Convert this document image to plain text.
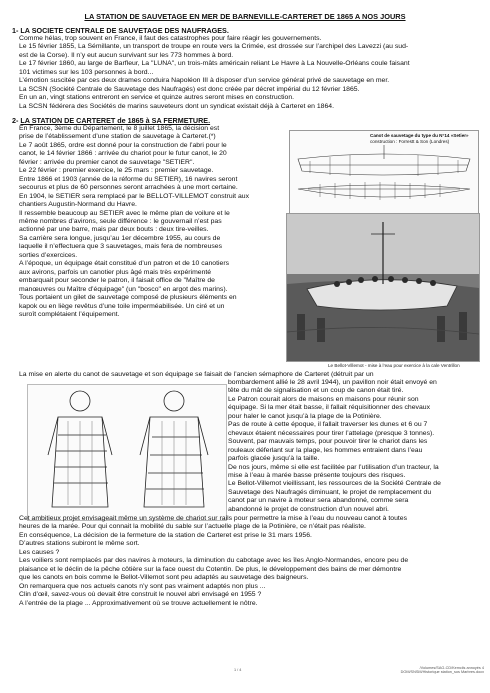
LA STATION DE SAUVETAGE EN MER DE BARNEVILLE-CARTERET DE 1865 A NOS JOURS
1- LA SOCIETE CENTRALE DE SAUVETAGE DES NAUFRAGES.

Comme hélas, trop souvent en France, il faut des catastrophes pour faire réagir les gouvernements.

Le 15 février 1855, La Sémillante, un transport de troupe en route vers la Crimée, est drossée sur l’archipel des Lavezzi (au sud-

est de la Corse). Il n’y eut aucun survivant sur les 773 hommes à bord.

Le 17 février 1860, au large de Barfleur, La "LUNA", un trois-mâts américain reliant Le Havre à La Nouvelle-Orléans coule faisant

101 victimes sur les 103 personnes à bord...

L’émotion suscitée par ces deux drames conduira Napoléon III à disposer d’un service général privé de sauvetage en mer.

La SCSN (Société Centrale de Sauvetage des Naufragés) est donc créée par décret impérial du 12 février 1865.

En un an, vingt stations entreront en service et quinze autres seront mises en construction.

La SCSN fédérera des Sociétés de marins sauveteurs dont un syndicat existait déjà à Carteret en 1864.

2- LA STATION DE CARTERET de 1865 à SA FERMETURE.

En France, 3ème du Département, le 8 juillet 1865, la décision est

prise de l’établissement d’une station de sauvetage à Carteret.(*)

Le 7 août 1865, ordre est donné pour la construction de l’abri pour le

canot, le 14 février 1866 : arrivée du chariot pour le futur canot, le 20

février : arrivée du premier canot de sauvetage "SETIER".

Le 22 février : premier exercice, le 25 mars : premier sauvetage.

Entre 1866 et 1903 (année de la réforme du SETIER), 16 navires seront

secourus et plus de 60 personnes seront arrachées à une mort certaine.

En 1904, le SETIER sera remplacé par le BELLOT-VILLEMOT construit aux

chantiers Augustin-Normand du Havre.

Il ressemble beaucoup au SETIER avec le même plan de voilure et le

même nombres d’avirons, seule différence : le gouvernail n’est pas

actionné par une barre, mais par deux bouts : deux tire-veilles.

Sa carrière sera longue, jusqu’au 1er décembre 1955, au cours de

laquelle il n’effectuera que 3 sauvetages, mais fera de nombreuses

sorties d’exercices.

A l’époque, un équipage était constitué d’un patron et de 10 canotiers

aux avirons, parfois un canotier plus âgé mais très expérimenté

embarquait pour seconder le patron, il faisait office de "Maître de

manœuvres ou Maître d’équipage" (un "bosco" en argot des marins).

Tous portaient un gilet de sauvetage composé de plusieurs éléments en

kapok ou en liège revêtus d’une toile imperméabilisée. Un ciré et un

suroît complétaient l’équipement.

Canot de sauvetage du type du N°14 «Setier»
construction : Forrestt & Son (Londres)
Le Bellot-Villemot - mise à l’eau pour exercice à la cale Ventrillon
La mise en alerte du canot de sauvetage et son équipage se faisait de l’ancien sémaphore de Carteret (détruit par un

bombardement allié le 28 avril 1944), un pavillon noir était envoyé en

tête du mât de signalisation et un coup de canon était tiré.

Le Patron courait alors de maisons en maisons pour réunir son

équipage. Si la mer était basse, il fallait réquisitionner des chevaux

pour haler le canot jusqu’à la plage de la Potinière.

Pas de route à cette époque, il fallait traverser les dunes et 6 ou 7

chevaux étaient nécessaires pour tirer l’attelage (presque 3 tonnes).

Souvent, par mauvais temps, pour pouvoir tirer le chariot dans les

rouleaux déferlant sur la plage, les hommes entraient dans l’eau

parfois glacée jusqu’à la taille.

De nos jours, même si elle est facilitée par l’utilisation d’un tracteur, la

mise à l’eau à marée basse présente toujours des risques.

Le Bellot-Villemot vieillissant, les ressources de la Société Centrale de

Sauvetage des Naufragés diminuant, le projet de remplacement du

canot par un navire à moteur sera abandonné, comme sera

abandonné le projet de construction d’un nouvel abri.

Cet ambitieux projet envisageait même un système de chariot sur rails pour permettre la mise à l’eau du nouveau canot à toutes

heures de la marée. Pour qui connait la mobilité du sable sur l’actuelle plage de la Potinière, ce n’était pas réaliste.

En conséquence, La décision de la fermeture de la station de Carteret est prise le 31 mars 1956.

D’autres stations subiront le même sort.

Les causes ?

Les voiliers sont remplacés par des navires à moteurs, la diminution du cabotage avec les îles Anglo-Normandes, encore peu de

plaisance et le déclin de la pêche côtière sur la face ouest du Cotentin. De plus, le développement des bains de mer démontre

que les canots en bois comme le Bellot-Villemot sont peu adaptés au sauvetage des baigneurs.

On remarquera que nos actuels canots n’y sont pas vraiment adaptés non plus ...

Clin d’œil, savez-vous où devait être construit le nouvel abri envisagé en 1955 ?

A l’entrée de la plage ... Approximativement où se trouve actuellement le nôtre.

1 / 4	/Volumes/SAG-CD/Kemcils annoyés 4 DOM/SNSM/Historique station_sos Marbres.docx
